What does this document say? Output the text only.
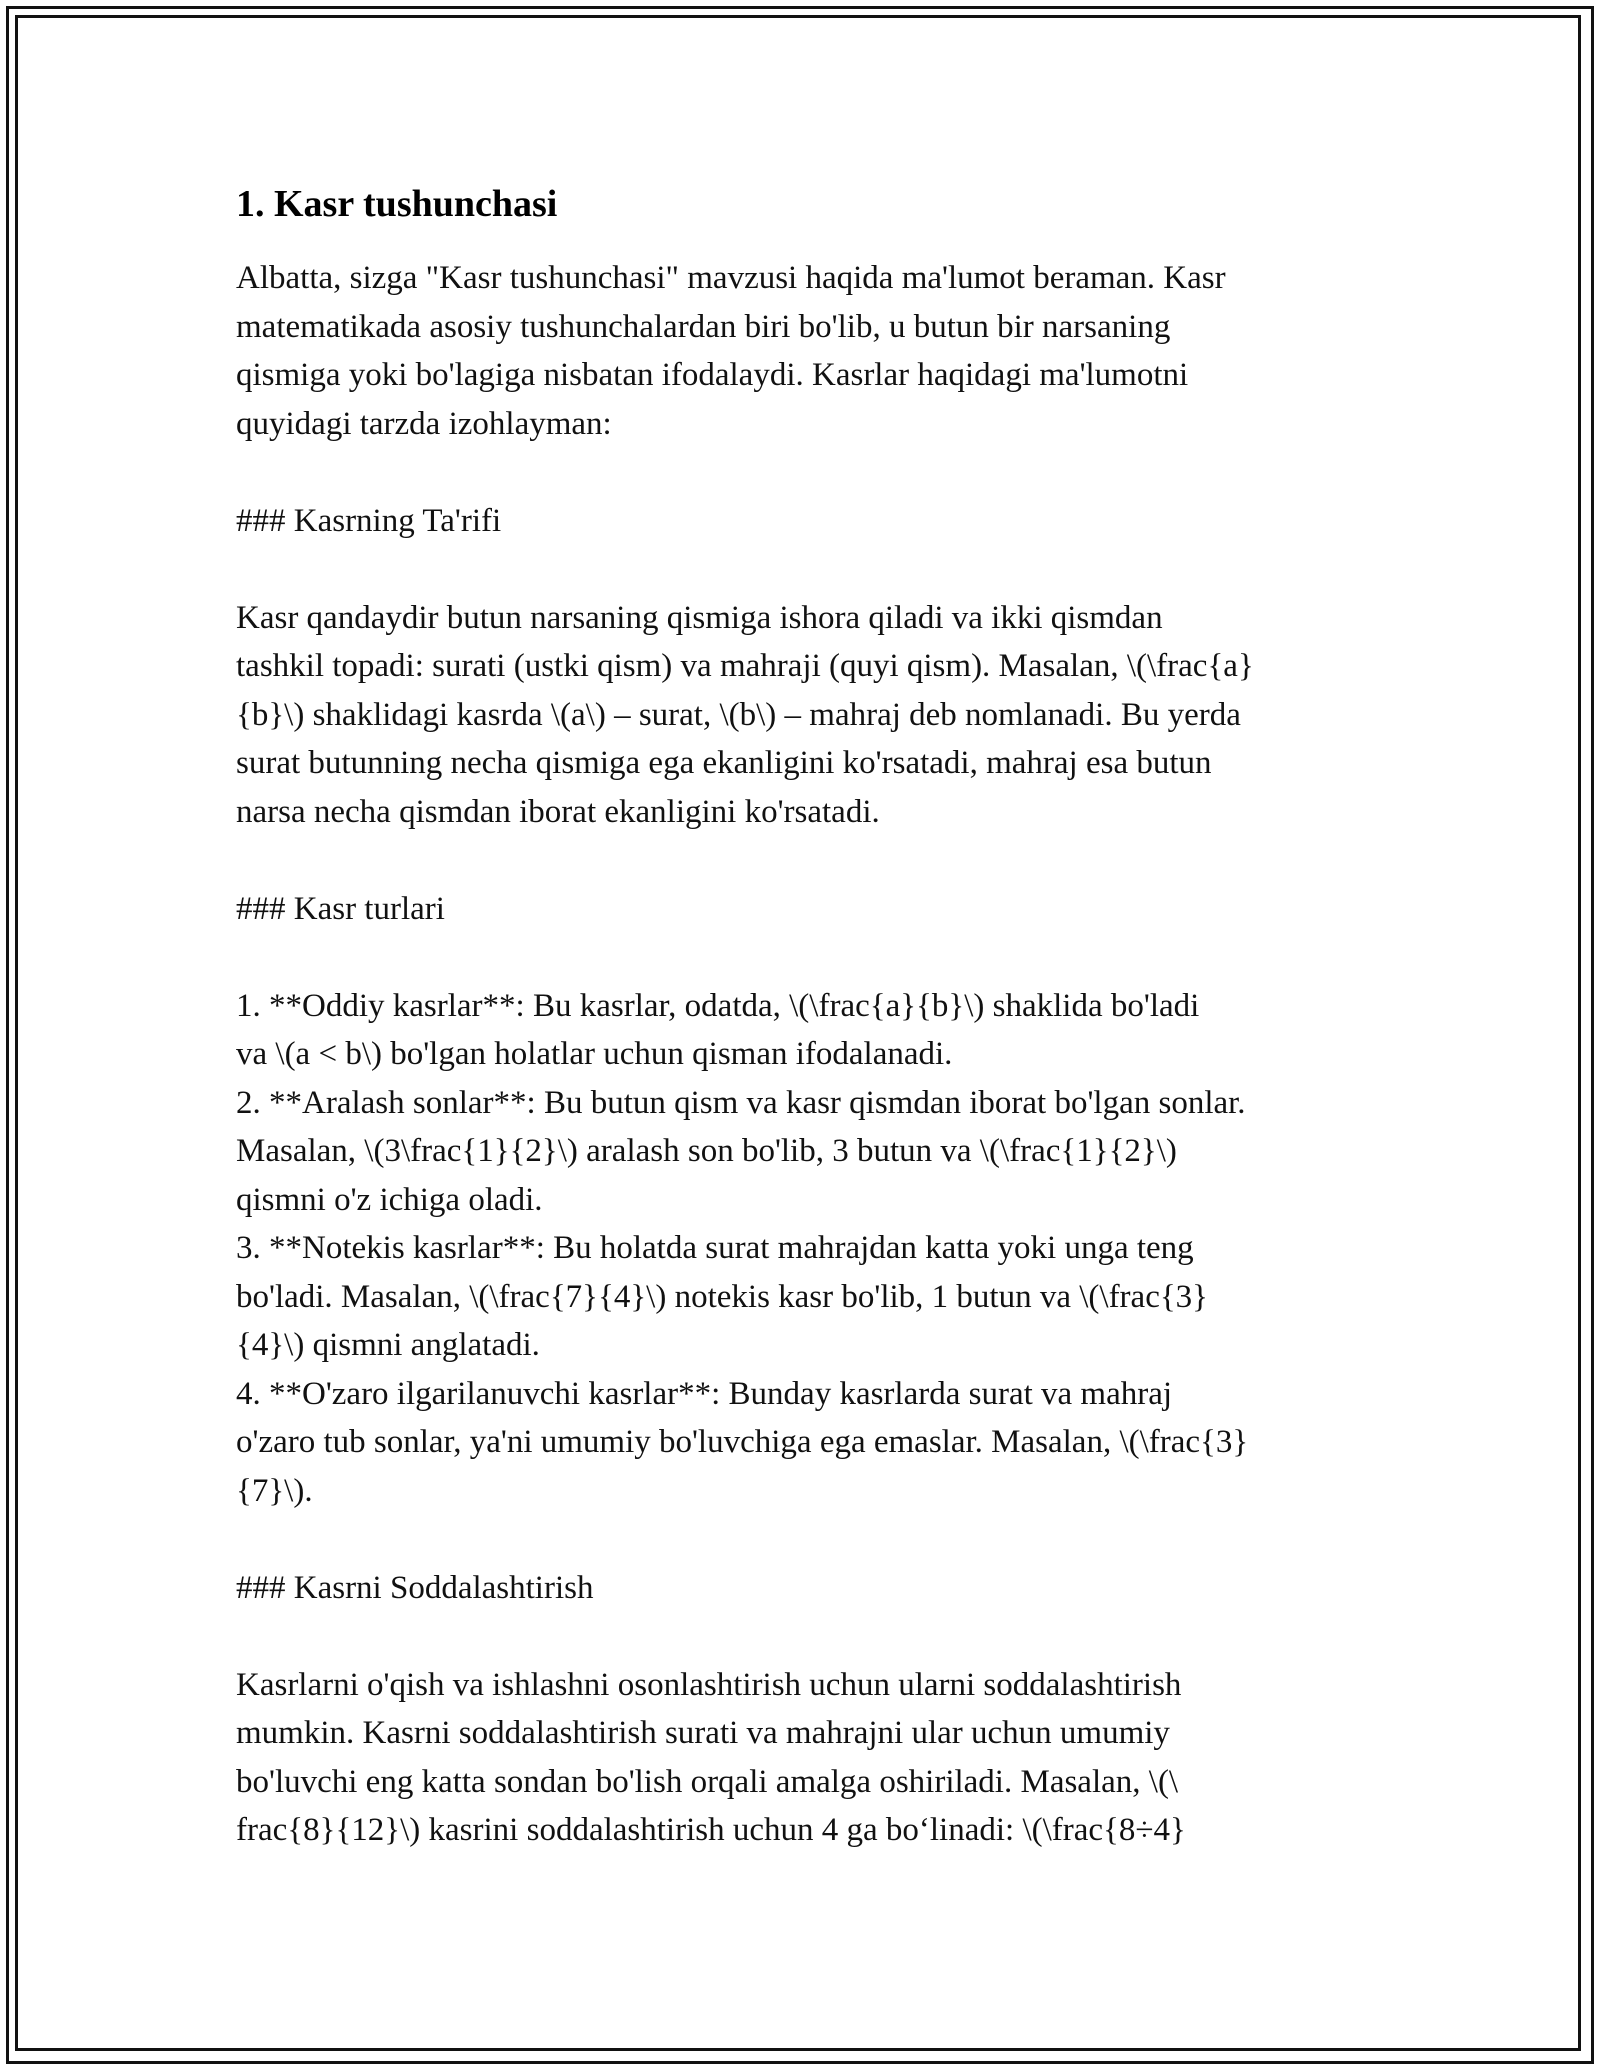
1. Kasr tushunchasi

Albatta, sizga "Kasr tushunchasi" mavzusi haqida ma'lumot beraman. Kasr
matematikada asosiy tushunchalardan biri bo'lib, u butun bir narsaning
qismiga yoki bo'lagiga nisbatan ifodalaydi. Kasrlar haqidagi ma'lumotni
quyidagi tarzda izohlayman:

### Kasrning Ta'rifi

Kasr qandaydir butun narsaning qismiga ishora qiladi va ikki qismdan
tashkil topadi: surati (ustki qism) va mahraji (quyi qism). Masalan, \(\frac{a}
{b}\) shaklidagi kasrda \(a\) – surat, \(b\) – mahraj deb nomlanadi. Bu yerda
surat butunning necha qismiga ega ekanligini ko'rsatadi, mahraj esa butun
narsa necha qismdan iborat ekanligini ko'rsatadi.

### Kasr turlari

1. **Oddiy kasrlar**: Bu kasrlar, odatda, \(\frac{a}{b}\) shaklida bo'ladi
va \(a < b\) bo'lgan holatlar uchun qisman ifodalanadi.

2. **Aralash sonlar**: Bu butun qism va kasr qismdan iborat bo'lgan sonlar.
Masalan, \(3\frac{1}{2}\) aralash son bo'lib, 3 butun va \(\frac{1}{2}\)
qismni o'z ichiga oladi.

3. **Notekis kasrlar**: Bu holatda surat mahrajdan katta yoki unga teng
bo'ladi. Masalan, \(\frac{7}{4}\) notekis kasr bo'lib, 1 butun va \(\frac{3}
{4}\) qismni anglatadi.

4. **O'zaro ilgarilanuvchi kasrlar**: Bunday kasrlarda surat va mahraj
o'zaro tub sonlar, ya'ni umumiy bo'luvchiga ega emaslar. Masalan, \(\frac{3}
{7}\).

### Kasrni Soddalashtirish

Kasrlarni o'qish va ishlashni osonlashtirish uchun ularni soddalashtirish
mumkin. Kasrni soddalashtirish surati va mahrajni ular uchun umumiy
bo'luvchi eng katta sondan bo'lish orqali amalga oshiriladi. Masalan, \(\
frac{8}{12}\) kasrini soddalashtirish uchun 4 ga bo‘linadi: \(\frac{8÷4}
